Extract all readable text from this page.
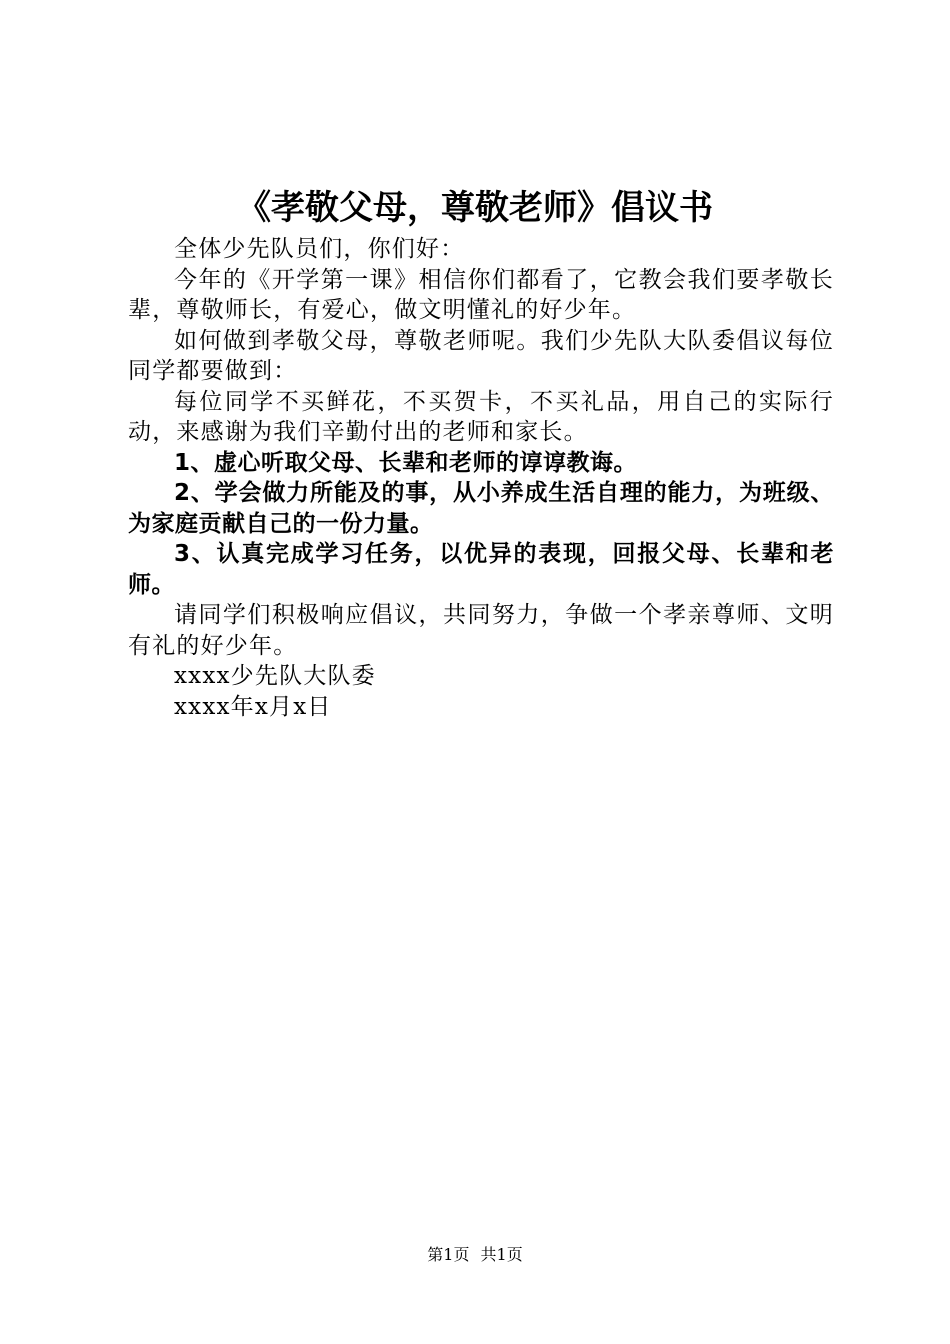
《孝敬父母，尊敬老师》倡议书

全体少先队员们，你们好：

今年的《开学第一课》相信你们都看了，它教会我们要孝敬长辈，尊敬师长，有爱心，做文明懂礼的好少年。

如何做到孝敬父母，尊敬老师呢。我们少先队大队委倡议每位同学都要做到：

每位同学不买鲜花，不买贺卡，不买礼品，用自己的实际行动，来感谢为我们辛勤付出的老师和家长。

1、虚心听取父母、长辈和老师的谆谆教诲。

2、学会做力所能及的事，从小养成生活自理的能力，为班级、为家庭贡献自己的一份力量。

3、认真完成学习任务，以优异的表现，回报父母、长辈和老师。

请同学们积极响应倡议，共同努力，争做一个孝亲尊师、文明有礼的好少年。

xxxx少先队大队委

xxxx年x月x日

第1页 共1页
